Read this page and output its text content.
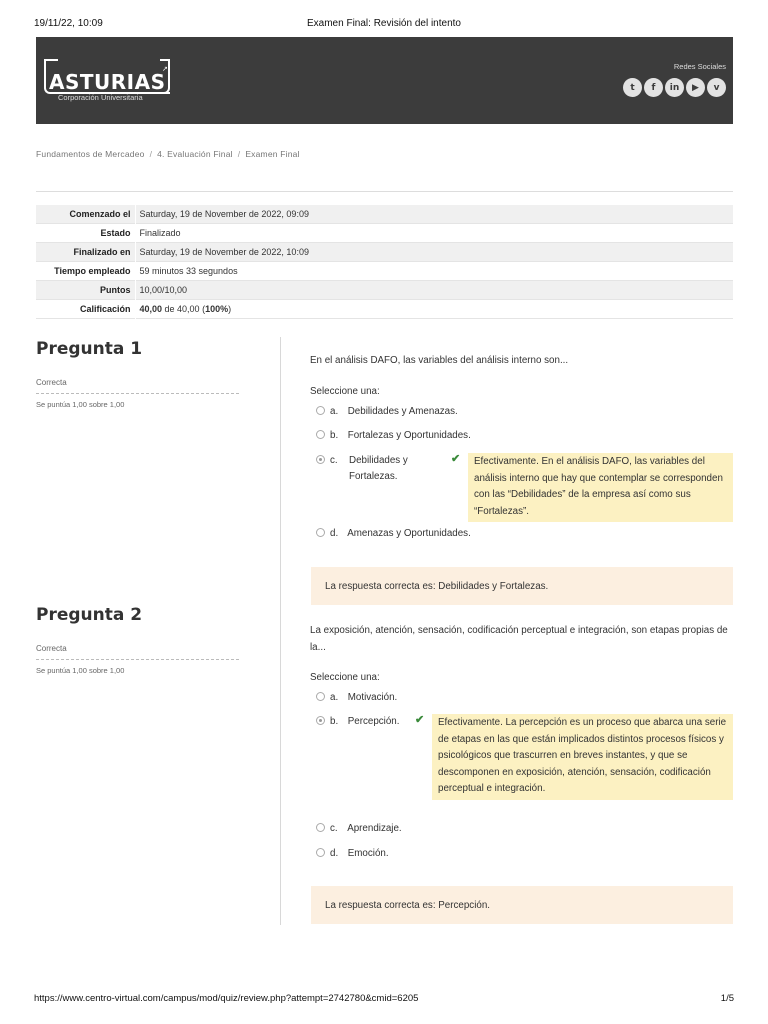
19/11/22, 10:09	Examen Final: Revisión del intento
↗
ASTURIAS
Corporación Universitaria
Redes Sociales
t	f	in	▶	v
Fundamentos de Mercadeo / 4. Evaluación Final / Examen Final
Comenzado el	Saturday, 19 de November de 2022, 09:09
Estado	Finalizado
Finalizado en	Saturday, 19 de November de 2022, 10:09
Tiempo empleado	59 minutos 33 segundos
Puntos	10,00/10,00
Calificación	40,00 de 40,00 (100%)
Pregunta 1
Correcta
Se puntúa 1,00 sobre 1,00
En el análisis DAFO, las variables del análisis interno son...
Seleccione una:
a. Debilidades y Amenazas.
b. Fortalezas y Oportunidades.
c.	Debilidades y Fortalezas.
✔	Efectivamente. En el análisis DAFO, las variables del análisis interno que hay que contemplar se corresponden con las “Debilidades” de la empresa así como sus “Fortalezas”.
d. Amenazas y Oportunidades.
La respuesta correcta es: Debilidades y Fortalezas.
Pregunta 2
Correcta
Se puntúa 1,00 sobre 1,00
La exposición, atención, sensación, codificación perceptual e integración, son etapas propias de la...
Seleccione una:
a. Motivación.
b. Percepción. ✔	Efectivamente. La percepción es un proceso que abarca una serie de etapas en las que están implicados distintos procesos físicos y psicológicos que trascurren en breves instantes, y que se descomponen en exposición, atención, sensación, codificación perceptual e integración.
c. Aprendizaje.
d. Emoción.
La respuesta correcta es: Percepción.
https://www.centro-virtual.com/campus/mod/quiz/review.php?attempt=2742780&cmid=6205	1/5
